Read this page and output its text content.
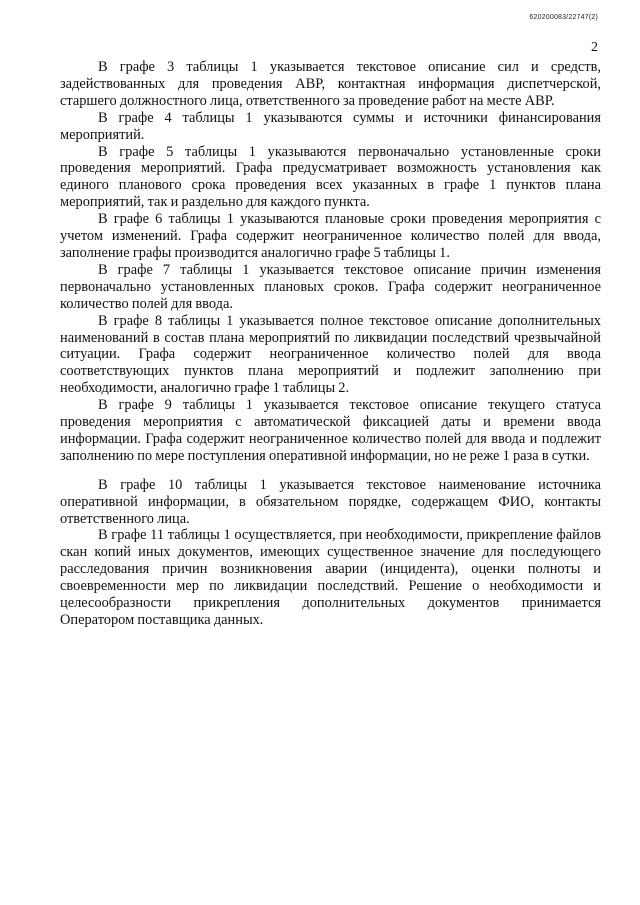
620200083/22747(2)
2

В графе 3 таблицы 1 указывается текстовое описание сил и средств, задействованных для проведения АВР, контактная информация диспетчерской, старшего должностного лица, ответственного за проведение работ на месте АВР.

В графе 4 таблицы 1 указываются суммы и источники финансирования мероприятий.

В графе 5 таблицы 1 указываются первоначально установленные сроки проведения мероприятий. Графа предусматривает возможность установления как единого планового срока проведения всех указанных в графе 1 пунктов плана мероприятий, так и раздельно для каждого пункта.

В графе 6 таблицы 1 указываются плановые сроки проведения мероприятия с учетом изменений. Графа содержит неограниченное количество полей для ввода, заполнение графы производится аналогично графе 5 таблицы 1.

В графе 7 таблицы 1 указывается текстовое описание причин изменения первоначально установленных плановых сроков. Графа содержит неограниченное количество полей для ввода.

В графе 8 таблицы 1 указывается полное текстовое описание дополнительных наименований в состав плана мероприятий по ликвидации последствий чрезвычайной ситуации. Графа содержит неограниченное количество полей для ввода соответствующих пунктов плана мероприятий и подлежит заполнению при необходимости, аналогично графе 1 таблицы 2.

В графе 9 таблицы 1 указывается текстовое описание текущего статуса проведения мероприятия с автоматической фиксацией даты и времени ввода информации. Графа содержит неограниченное количество полей для ввода и подлежит заполнению по мере поступления оперативной информации, но не реже 1 раза в сутки.

В графе 10 таблицы 1 указывается текстовое наименование источника оперативной информации, в обязательном порядке, содержащем ФИО, контакты ответственного лица.

В графе 11 таблицы 1 осуществляется, при необходимости, прикрепление файлов скан копий иных документов, имеющих существенное значение для последующего расследования причин возникновения аварии (инцидента), оценки полноты и своевременности мер по ликвидации последствий. Решение о необходимости и целесообразности прикрепления дополнительных документов принимается Оператором поставщика данных.
